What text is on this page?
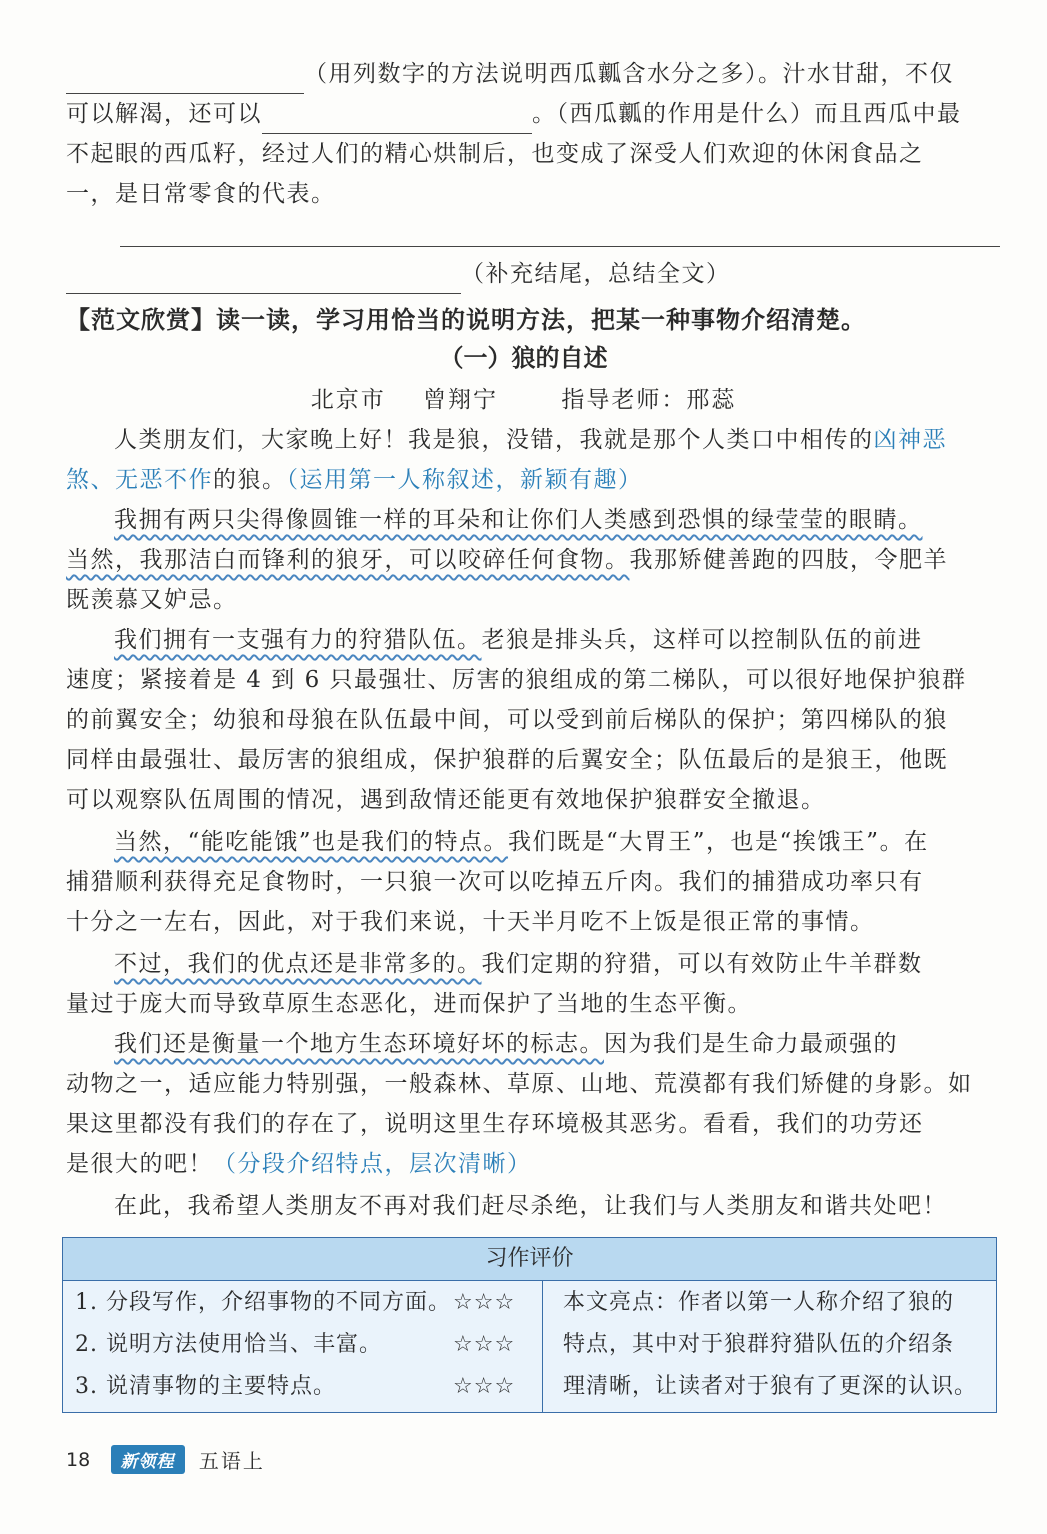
（用列数字的方法说明西瓜瓤含水分之多）。汁水甘甜，不仅
可以解渴，还可以	。（西瓜瓤的作用是什么）而且西瓜中最
不起眼的西瓜籽，经过人们的精心烘制后，也变成了深受人们欢迎的休闲食品之
一，是日常零食的代表。
（补充结尾，总结全文）
【范文欣赏】读一读，学习用恰当的说明方法，把某一种事物介绍清楚。
（一）狼的自述
北京市 曾翔宁	指导老师：邢蕊
人类朋友们，大家晚上好！我是狼，没错，我就是那个人类口中相传的凶神恶
煞、无恶不作的狼。（运用第一人称叙述，新颖有趣）
我拥有两只尖得像圆锥一样的耳朵和让你们人类感到恐惧的绿莹莹的眼睛。
当然，我那洁白而锋利的狼牙，可以咬碎任何食物。我那矫健善跑的四肢，令肥羊
既羡慕又妒忌。
我们拥有一支强有力的狩猎队伍。老狼是排头兵，这样可以控制队伍的前进
速度；紧接着是 4 到 6 只最强壮、厉害的狼组成的第二梯队，可以很好地保护狼群
的前翼安全；幼狼和母狼在队伍最中间，可以受到前后梯队的保护；第四梯队的狼
同样由最强壮、最厉害的狼组成，保护狼群的后翼安全；队伍最后的是狼王，他既
可以观察队伍周围的情况，遇到敌情还能更有效地保护狼群安全撤退。
当然，“能吃能饿”也是我们的特点。我们既是“大胃王”，也是“挨饿王”。在
捕猎顺利获得充足食物时，一只狼一次可以吃掉五斤肉。我们的捕猎成功率只有
十分之一左右，因此，对于我们来说，十天半月吃不上饭是很正常的事情。
不过，我们的优点还是非常多的。我们定期的狩猎，可以有效防止牛羊群数
量过于庞大而导致草原生态恶化，进而保护了当地的生态平衡。
我们还是衡量一个地方生态环境好坏的标志。因为我们是生命力最顽强的
动物之一，适应能力特别强，一般森林、草原、山地、荒漠都有我们矫健的身影。如
果这里都没有我们的存在了，说明这里生存环境极其恶劣。看看，我们的功劳还
是很大的吧！（分段介绍特点，层次清晰）
在此，我希望人类朋友不再对我们赶尽杀绝，让我们与人类朋友和谐共处吧！
习作评价
1. 分段写作，介绍事物的不同方面。 ☆☆☆
2. 说明方法使用恰当、丰富。	☆☆☆
3. 说清事物的主要特点。	☆☆☆
本文亮点：作者以第一人称介绍了狼的
特点，其中对于狼群狩猎队伍的介绍条
理清晰，让读者对于狼有了更深的认识。
18 新领程 五语上
